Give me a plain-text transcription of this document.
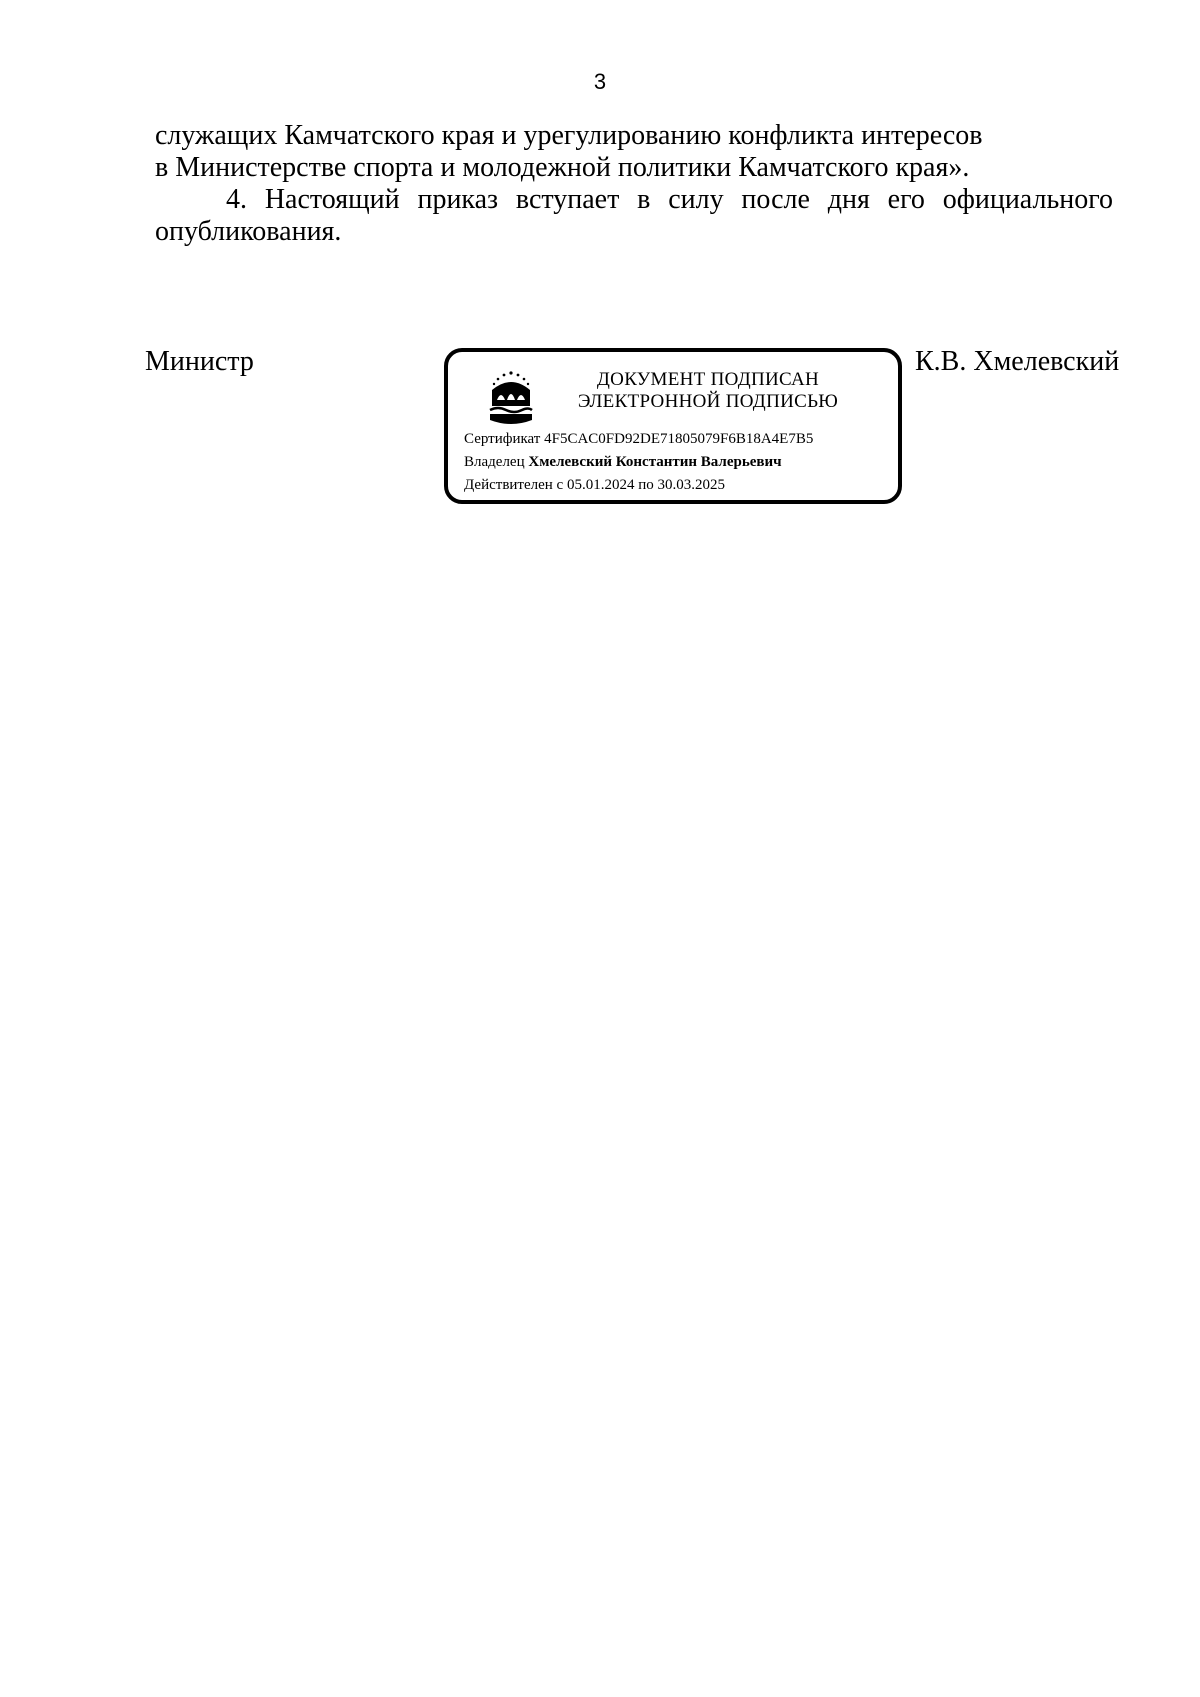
3

служащих Камчатского края и урегулированию конфликта интересов
в Министерстве спорта и молодежной политики Камчатского края».

4. Настоящий приказ вступает в силу после дня его официального опубликования.

Министр	К.В. Хмелевский
ДОКУМЕНТ ПОДПИСАН
ЭЛЕКТРОННОЙ ПОДПИСЬЮ
Сертификат 4F5CAC0FD92DE71805079F6B18A4E7B5
Владелец Хмелевский Константин Валерьевич
Действителен с 05.01.2024 по 30.03.2025
